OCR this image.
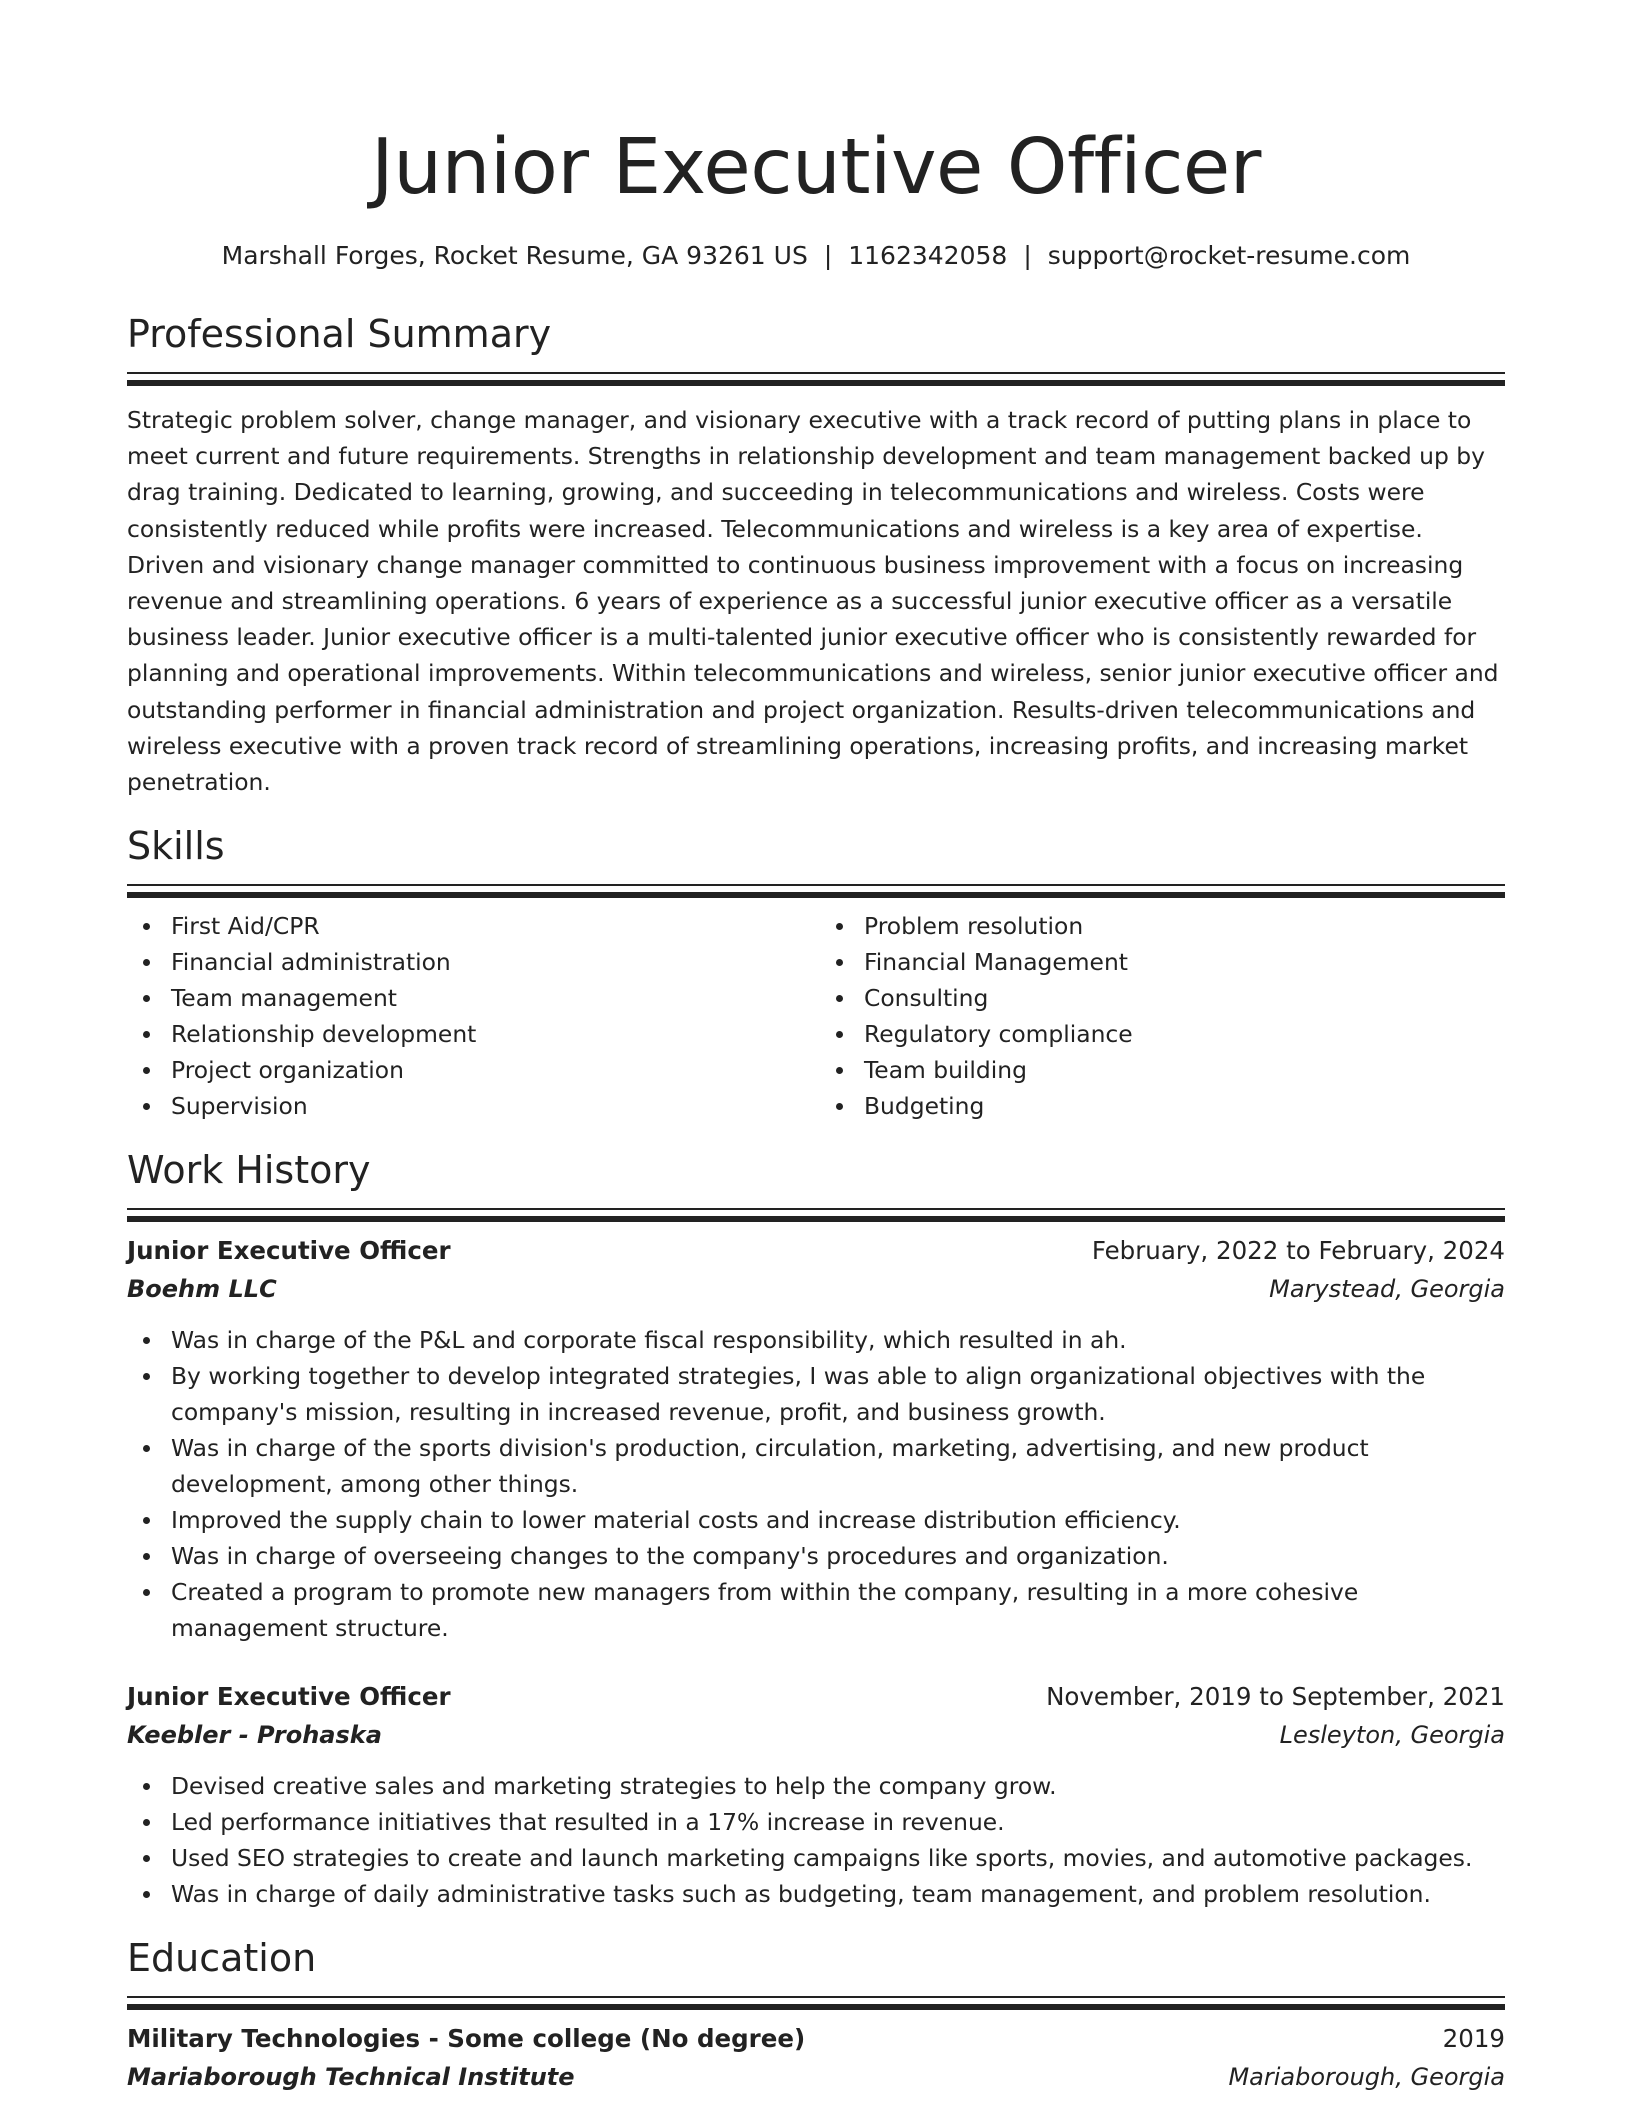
Junior Executive Officer
Marshall Forges, Rocket Resume, GA 93261 US | 1162342058 | support@rocket-resume.com
Professional Summary
Strategic problem solver, change manager, and visionary executive with a track record of putting plans in place to meet current and future requirements. Strengths in relationship development and team management backed up by drag training. Dedicated to learning, growing, and succeeding in telecommunications and wireless. Costs were consistently reduced while profits were increased. Telecommunications and wireless is a key area of expertise. Driven and visionary change manager committed to continuous business improvement with a focus on increasing revenue and streamlining operations. 6 years of experience as a successful junior executive officer as a versatile business leader. Junior executive officer is a multi-talented junior executive officer who is consistently rewarded for planning and operational improvements. Within telecommunications and wireless, senior junior executive officer and outstanding performer in financial administration and project organization. Results-driven telecommunications and wireless executive with a proven track record of streamlining operations, increasing profits, and increasing market penetration.
Skills
First Aid/CPR
Financial administration
Team management
Relationship development
Project organization
Supervision
Problem resolution
Financial Management
Consulting
Regulatory compliance
Team building
Budgeting
Work History
Junior Executive Officer	February, 2022 to February, 2024
Boehm LLC	Marystead, Georgia
Was in charge of the P&L and corporate fiscal responsibility, which resulted in ah.
By working together to develop integrated strategies, I was able to align organizational objectives with the company's mission, resulting in increased revenue, profit, and business growth.
Was in charge of the sports division's production, circulation, marketing, advertising, and new product development, among other things.
Improved the supply chain to lower material costs and increase distribution efficiency.
Was in charge of overseeing changes to the company's procedures and organization.
Created a program to promote new managers from within the company, resulting in a more cohesive management structure.
Junior Executive Officer	November, 2019 to September, 2021
Keebler - Prohaska	Lesleyton, Georgia
Devised creative sales and marketing strategies to help the company grow.
Led performance initiatives that resulted in a 17% increase in revenue.
Used SEO strategies to create and launch marketing campaigns like sports, movies, and automotive packages.
Was in charge of daily administrative tasks such as budgeting, team management, and problem resolution.
Education
Military Technologies - Some college (No degree)	2019
Mariaborough Technical Institute	Mariaborough, Georgia
